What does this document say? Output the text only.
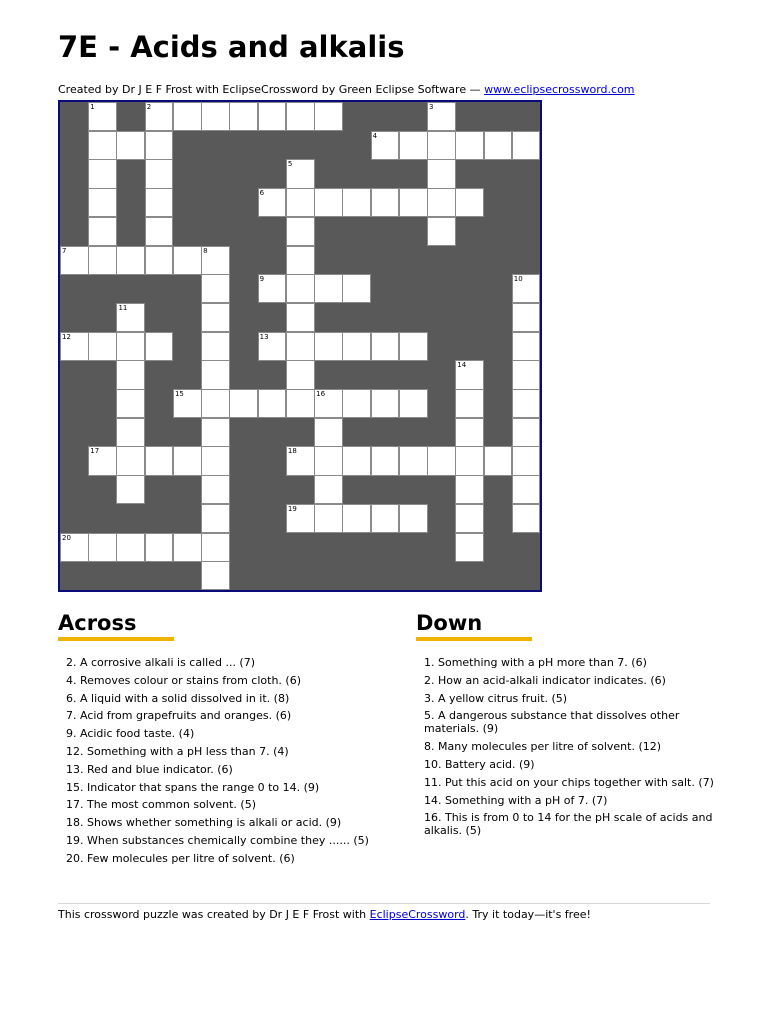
7E - Acids and alkalis
Created by Dr J E F Frost with EclipseCrossword by Green Eclipse Software — www.eclipsecrossword.com
1	2	3
4
5
6
7	8
9	10
11
12	13
14
15	16
17	18
19
20
Across
2. A corrosive alkali is called ... (7)
4. Removes colour or stains from cloth. (6)
6. A liquid with a solid dissolved in it. (8)
7. Acid from grapefruits and oranges. (6)
9. Acidic food taste. (4)
12. Something with a pH less than 7. (4)
13. Red and blue indicator. (6)
15. Indicator that spans the range 0 to 14. (9)
17. The most common solvent. (5)
18. Shows whether something is alkali or acid. (9)
19. When substances chemically combine they ...... (5)
20. Few molecules per litre of solvent. (6)
Down
1. Something with a pH more than 7. (6)
2. How an acid-alkali indicator indicates. (6)
3. A yellow citrus fruit. (5)
5. A dangerous substance that dissolves other materials. (9)
8. Many molecules per litre of solvent. (12)
10. Battery acid. (9)
11. Put this acid on your chips together with salt. (7)
14. Something with a pH of 7. (7)
16. This is from 0 to 14 for the pH scale of acids and alkalis. (5)
This crossword puzzle was created by Dr J E F Frost with EclipseCrossword. Try it today—it's free!
